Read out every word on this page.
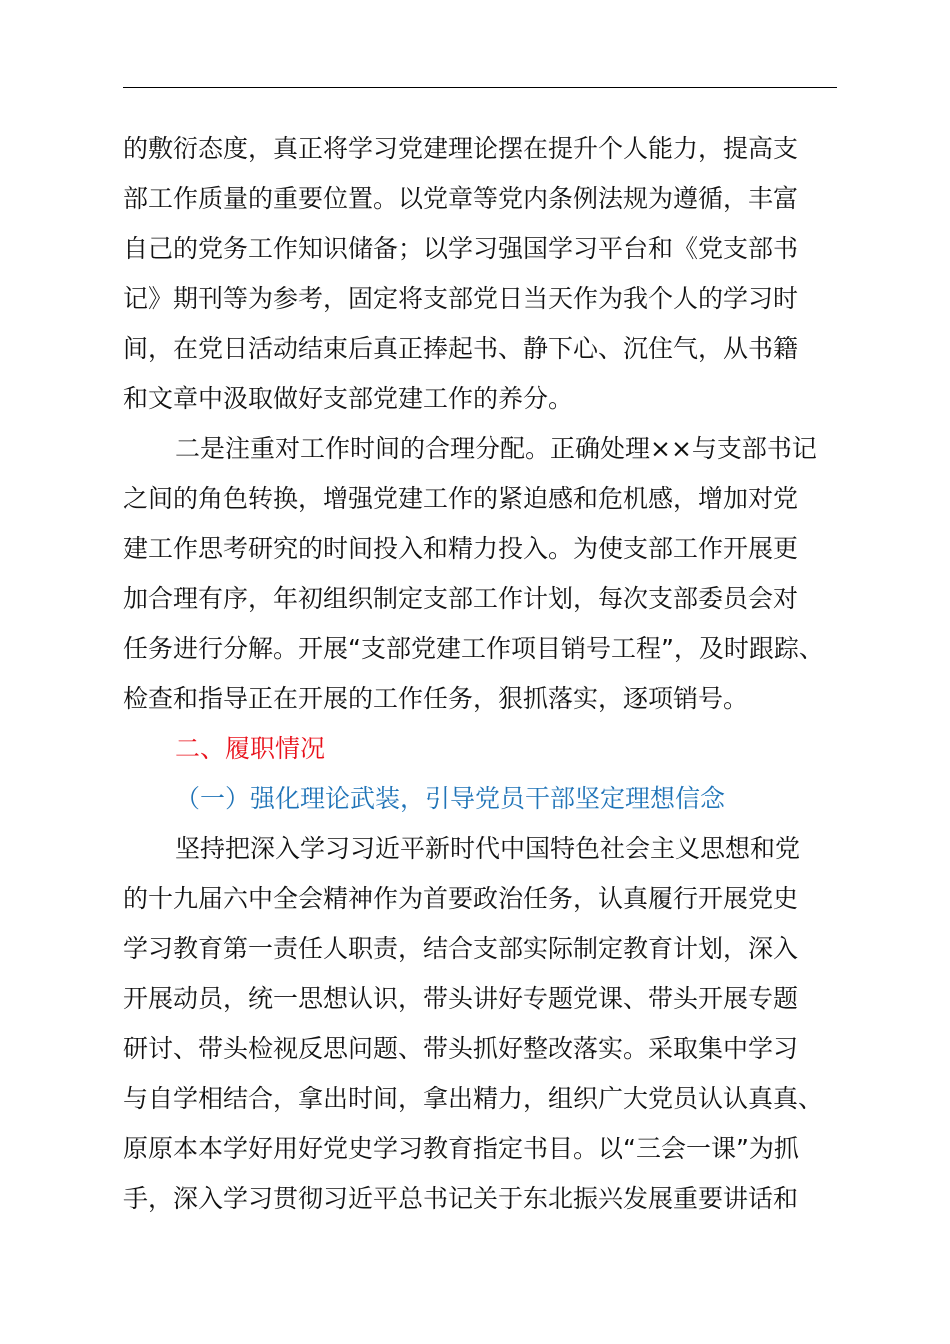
的敷衍态度，真正将学习党建理论摆在提升个人能力，提高支
部工作质量的重要位置。以党章等党内条例法规为遵循，丰富
自己的党务工作知识储备；以学习强国学习平台和《党支部书
记》期刊等为参考，固定将支部党日当天作为我个人的学习时
间，在党日活动结束后真正捧起书、静下心、沉住气，从书籍
和文章中汲取做好支部党建工作的养分。
二是注重对工作时间的合理分配。正确处理××与支部书记
之间的角色转换，增强党建工作的紧迫感和危机感，增加对党
建工作思考研究的时间投入和精力投入。为使支部工作开展更
加合理有序，年初组织制定支部工作计划，每次支部委员会对
任务进行分解。开展“支部党建工作项目销号工程”，及时跟踪、
检查和指导正在开展的工作任务，狠抓落实，逐项销号。
二、履职情况
（一）强化理论武装，引导党员干部坚定理想信念
坚持把深入学习习近平新时代中国特色社会主义思想和党
的十九届六中全会精神作为首要政治任务，认真履行开展党史
学习教育第一责任人职责，结合支部实际制定教育计划，深入
开展动员，统一思想认识，带头讲好专题党课、带头开展专题
研讨、带头检视反思问题、带头抓好整改落实。采取集中学习
与自学相结合，拿出时间，拿出精力，组织广大党员认认真真、
原原本本学好用好党史学习教育指定书目。以“三会一课”为抓
手，深入学习贯彻习近平总书记关于东北振兴发展重要讲话和
